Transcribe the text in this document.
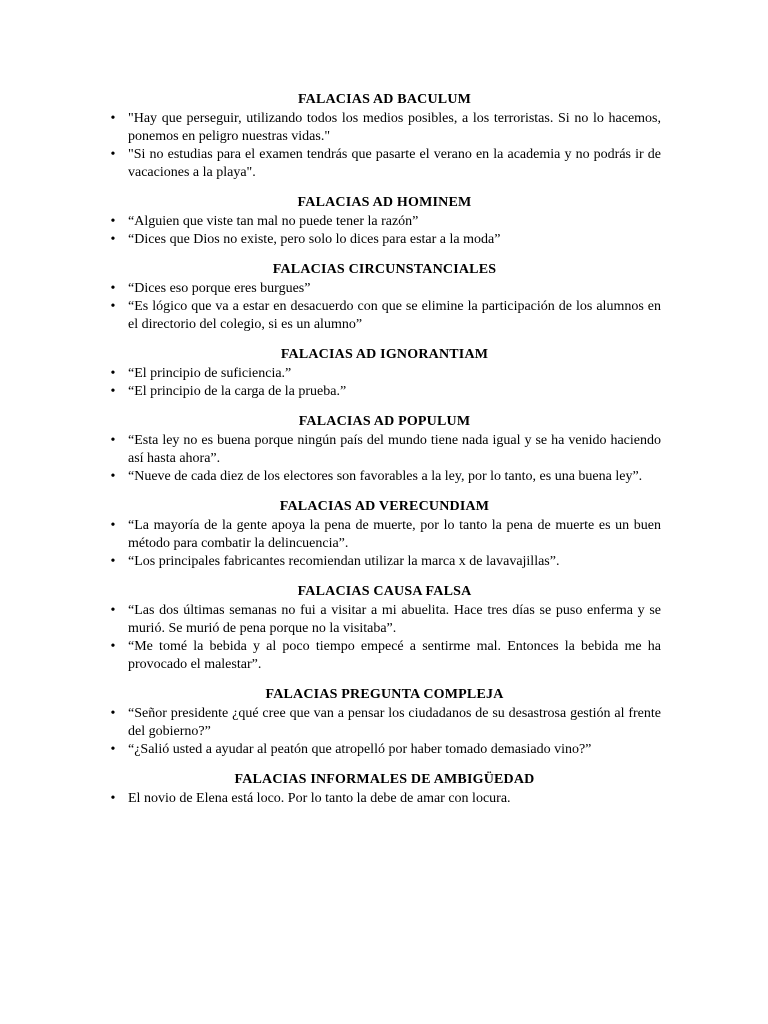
FALACIAS AD BACULUM
•
"Hay que perseguir, utilizando todos los medios posibles, a los terroristas. Si no lo hacemos, ponemos en peligro nuestras vidas."
•
"Si no estudias para el examen tendrás que pasarte el verano en la academia y no podrás ir de vacaciones a la playa".
FALACIAS AD HOMINEM
•
“Alguien que viste tan mal no puede tener la razón”
•
“Dices que Dios no existe, pero solo lo dices para estar a la moda”
FALACIAS CIRCUNSTANCIALES
•
“Dices eso porque eres burgues”
•
“Es lógico que va a estar en desacuerdo con que se elimine la participación de los alumnos en el directorio del colegio, si es un alumno”
FALACIAS AD IGNORANTIAM
•
“El principio de suficiencia.”
•
“El principio de la carga de la prueba.”
FALACIAS AD POPULUM
•
“Esta ley no es buena porque ningún país del mundo tiene nada igual y se ha venido haciendo así hasta ahora”.
•
“Nueve de cada diez de los electores son favorables a la ley, por lo tanto, es una buena ley”.
FALACIAS AD VERECUNDIAM
•
“La mayoría de la gente apoya la pena de muerte, por lo tanto la pena de muerte es un buen método para combatir la delincuencia”.
•
“Los principales fabricantes recomiendan utilizar la marca x de lavavajillas”.
FALACIAS CAUSA FALSA
•
“Las dos últimas semanas no fui a visitar a mi abuelita. Hace tres días se puso enferma y se murió. Se murió de pena porque no la visitaba”.
•
“Me tomé la bebida y al poco tiempo empecé a sentirme mal. Entonces la bebida me ha provocado el malestar”.
FALACIAS PREGUNTA COMPLEJA
•
“Señor presidente ¿qué cree que van a pensar los ciudadanos de su desastrosa gestión al frente del gobierno?”
•
“¿Salió usted a ayudar al peatón que atropelló por haber tomado demasiado vino?”
FALACIAS INFORMALES DE AMBIGÜEDAD
•
El novio de Elena está loco. Por lo tanto la debe de amar con locura.
